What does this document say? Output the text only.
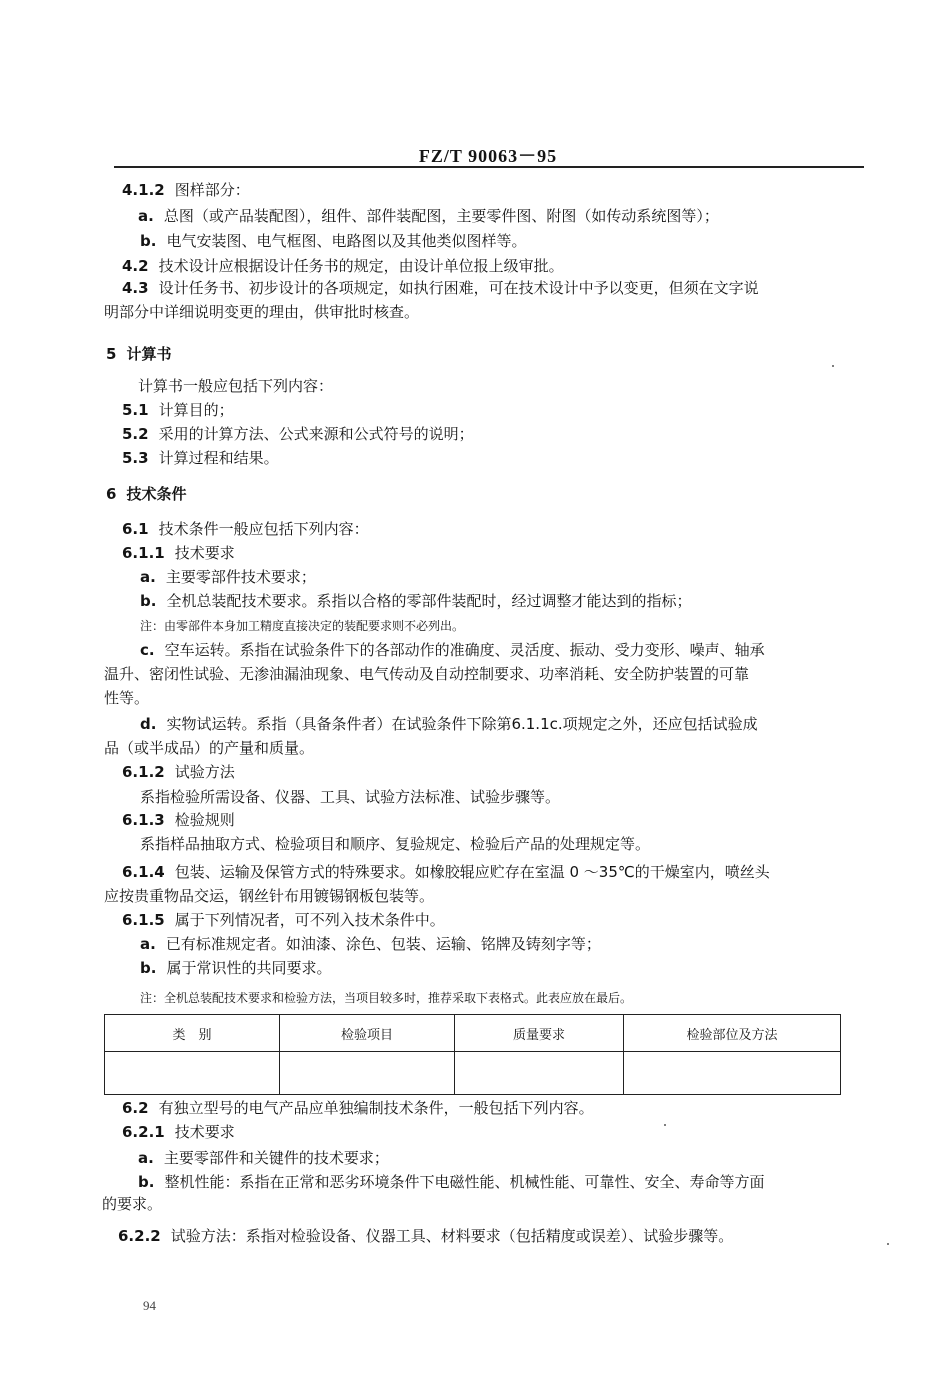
FZ/T 90063－95
4.1.2 图样部分：
a. 总图（或产品装配图），组件、部件装配图，主要零件图、附图（如传动系统图等）；
b. 电气安装图、电气框图、电路图以及其他类似图样等。
4.2 技术设计应根据设计任务书的规定，由设计单位报上级审批。
4.3 设计任务书、初步设计的各项规定，如执行困难，可在技术设计中予以变更，但须在文字说
明部分中详细说明变更的理由，供审批时核查。
5 计算书
计算书一般应包括下列内容：
5.1 计算目的；
5.2 采用的计算方法、公式来源和公式符号的说明；
5.3 计算过程和结果。
6 技术条件
6.1 技术条件一般应包括下列内容：
6.1.1 技术要求
a. 主要零部件技术要求；
b. 全机总装配技术要求。系指以合格的零部件装配时，经过调整才能达到的指标；
注：由零部件本身加工精度直接决定的装配要求则不必列出。
c. 空车运转。系指在试验条件下的各部动作的准确度、灵活度、振动、受力变形、噪声、轴承
温升、密闭性试验、无渗油漏油现象、电气传动及自动控制要求、功率消耗、安全防护装置的可靠
性等。
d. 实物试运转。系指（具备条件者）在试验条件下除第6.1.1c.项规定之外，还应包括试验成
品（或半成品）的产量和质量。
6.1.2 试验方法
系指检验所需设备、仪器、工具、试验方法标准、试验步骤等。
6.1.3 检验规则
系指样品抽取方式、检验项目和顺序、复验规定、检验后产品的处理规定等。
6.1.4 包装、运输及保管方式的特殊要求。如橡胶辊应贮存在室温 0 ～35℃的干燥室内，喷丝头
应按贵重物品交运，钢丝针布用镀锡钢板包装等。
6.1.5 属于下列情况者，可不列入技术条件中。
a. 已有标准规定者。如油漆、涂色、包装、运输、铭牌及铸刻字等；
b. 属于常识性的共同要求。
注：全机总装配技术要求和检验方法，当项目较多时，推荐采取下表格式。此表应放在最后。
类　别	检验项目	质量要求	检验部位及方法

6.2 有独立型号的电气产品应单独编制技术条件，一般包括下列内容。
6.2.1 技术要求
a. 主要零部件和关键件的技术要求；
b. 整机性能：系指在正常和恶劣环境条件下电磁性能、机械性能、可靠性、安全、寿命等方面
的要求。
6.2.2 试验方法：系指对检验设备、仪器工具、材料要求（包括精度或误差）、试验步骤等。
94
